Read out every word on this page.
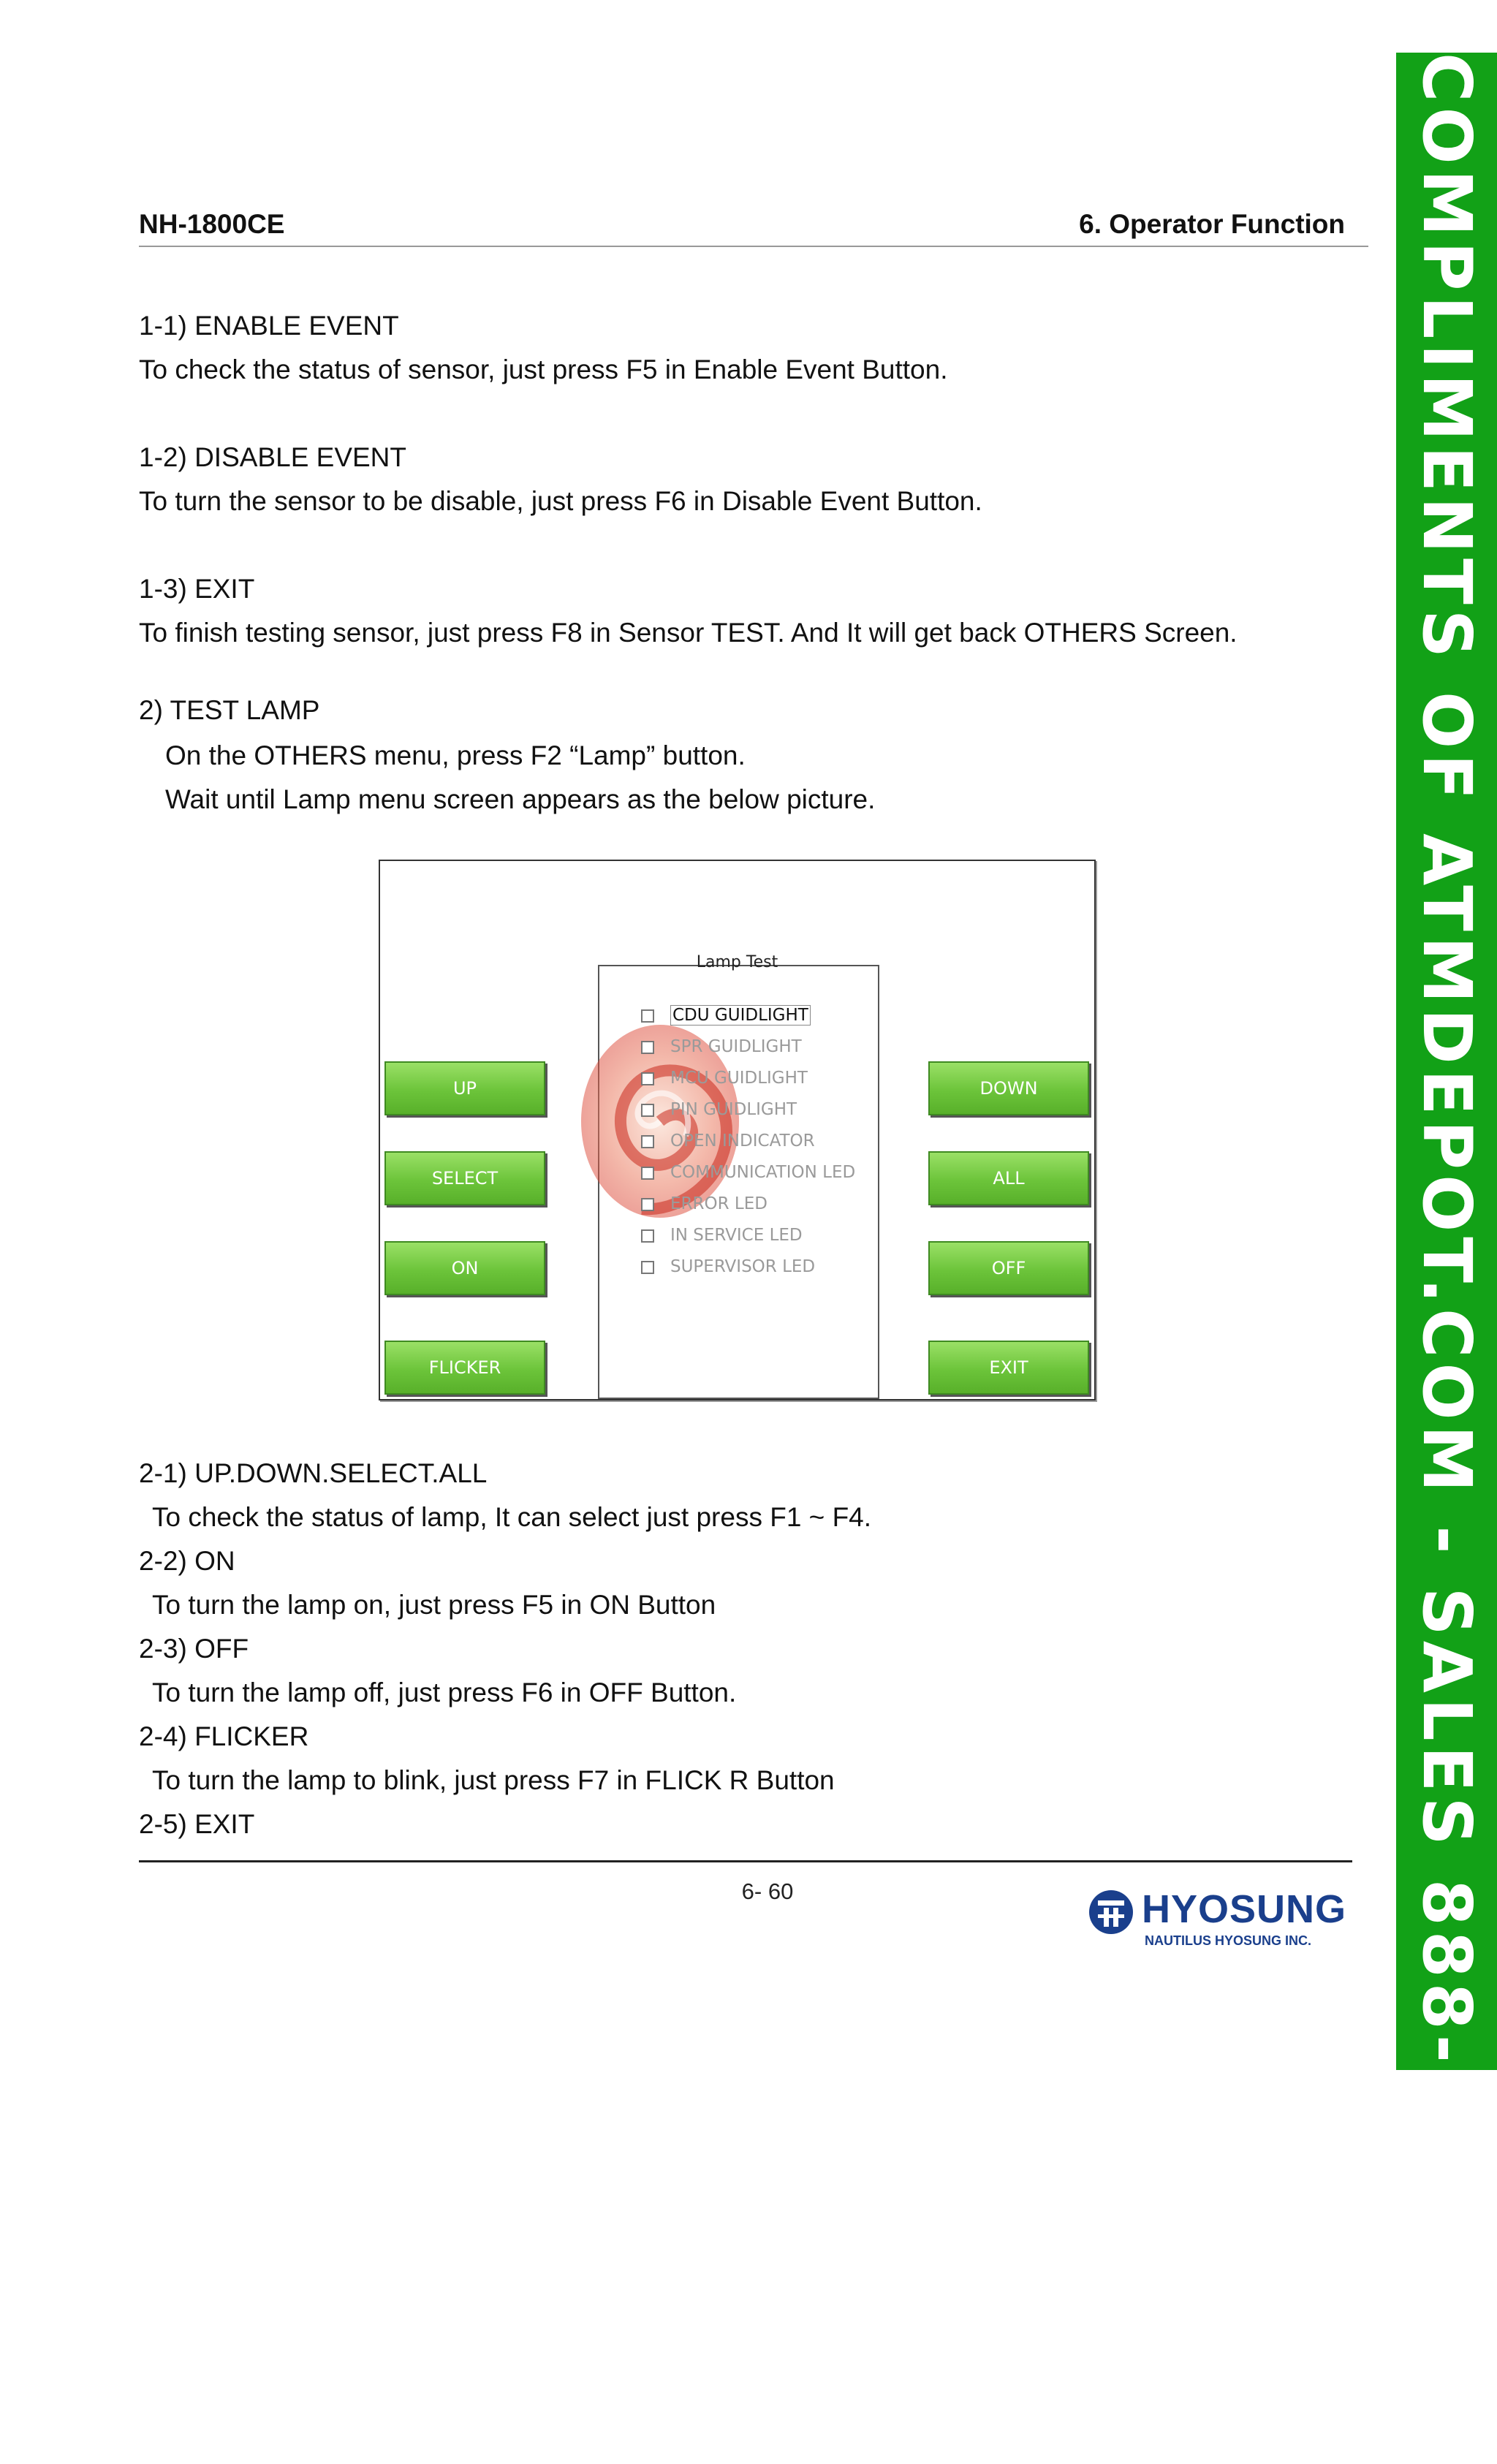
NH-1800CE	6. Operator Function
1-1) ENABLE EVENT
To check the status of sensor, just press F5 in Enable Event Button.
1-2) DISABLE EVENT
To turn the sensor to be disable, just press F6 in Disable Event Button.
1-3) EXIT
To finish testing sensor, just press F8 in Sensor TEST. And It will get back OTHERS Screen.
2) TEST LAMP
On the OTHERS menu, press F2 “Lamp” button.
Wait until Lamp menu screen appears as the below picture.
Lamp Test
CDU GUIDLIGHT
SPR GUIDLIGHT
MCU GUIDLIGHT
PIN GUIDLIGHT
OPEN INDICATOR
COMMUNICATION LED
ERROR LED
IN SERVICE LED
SUPERVISOR LED
UP
SELECT
ON
FLICKER
DOWN
ALL
OFF
EXIT
2-1) UP.DOWN.SELECT.ALL
To check the status of lamp, It can select just press F1 ~ F4.
2-2) ON
To turn the lamp on, just press F5 in ON Button
2-3) OFF
To turn the lamp off, just press F6 in OFF Button.
2-4) FLICKER
To turn the lamp to blink, just press F7 in FLICK R Button
2-5) EXIT
6- 60	HYOSUNG
NAUTILUS HYOSUNG INC. COMPLIMENTS OF ATMDEPOT.COM - SALES 888-959-2269
